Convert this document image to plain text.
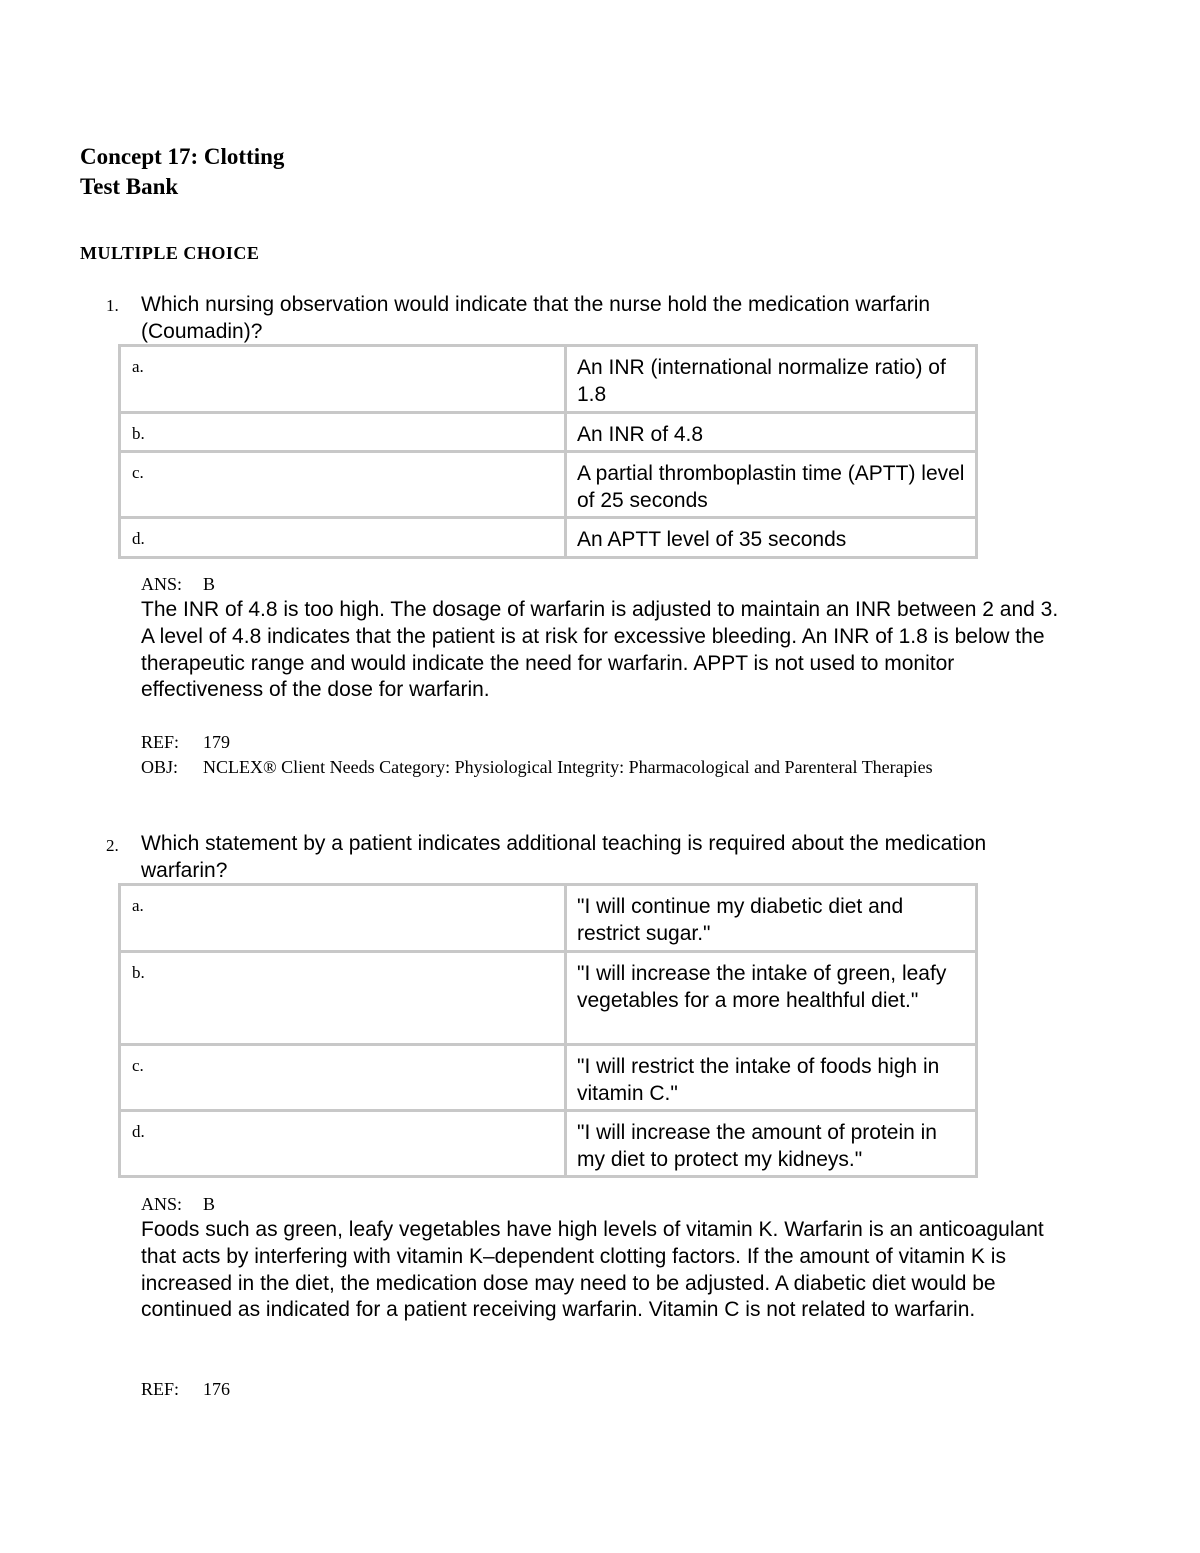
Concept 17: Clotting
Test Bank
MULTIPLE CHOICE
1. Which nursing observation would indicate that the nurse hold the medication warfarin (Coumadin)?
a.	An INR (international normalize ratio) of 1.8
b.	An INR of 4.8
c.	A partial thromboplastin time (APTT) level of 25 seconds
d.	An APTT level of 35 seconds
ANS: B
The INR of 4.8 is too high. The dosage of warfarin is adjusted to maintain an INR between 2 and 3. A level of 4.8 indicates that the patient is at risk for excessive bleeding. An INR of 1.8 is below the therapeutic range and would indicate the need for warfarin. APPT is not used to monitor effectiveness of the dose for warfarin.
REF: 179
OBJ: NCLEX® Client Needs Category: Physiological Integrity: Pharmacological and Parenteral Therapies
2. Which statement by a patient indicates additional teaching is required about the medication warfarin?
a.	"I will continue my diabetic diet and restrict sugar."
b.	"I will increase the intake of green, leafy vegetables for a more healthful diet."
c.	"I will restrict the intake of foods high in vitamin C."
d.	"I will increase the amount of protein in my diet to protect my kidneys."
ANS: B
Foods such as green, leafy vegetables have high levels of vitamin K. Warfarin is an anticoagulant that acts by interfering with vitamin K–dependent clotting factors. If the amount of vitamin K is increased in the diet, the medication dose may need to be adjusted. A diabetic diet would be continued as indicated for a patient receiving warfarin. Vitamin C is not related to warfarin.
REF: 176
